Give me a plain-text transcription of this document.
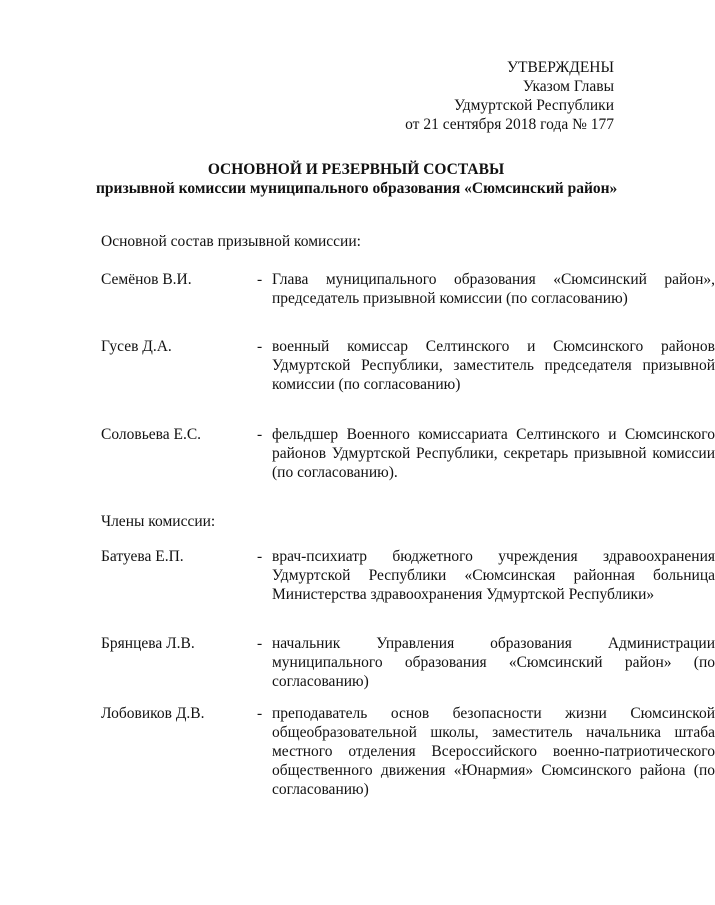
УТВЕРЖДЕНЫ
Указом Главы
Удмуртской Республики
от 21 сентября 2018 года № 177
ОСНОВНОЙ И РЕЗЕРВНЫЙ СОСТАВЫ
призывной комиссии муниципального образования «Сюмсинский район»
Основной состав призывной комиссии:
Семёнов В.И.	- Глава муниципального образования «Сюмсинский район», председатель призывной комиссии (по согласованию)
Гусев Д.А.	- военный комиссар Селтинского и Сюмсинского районов Удмуртской Республики, заместитель председателя призывной комиссии (по согласованию)
Соловьева Е.С.	- фельдшер Военного комиссариата Селтинского и Сюмсинского районов Удмуртской Республики, секретарь призывной комиссии (по согласованию).
Члены комиссии:
Батуева Е.П.	- врач-психиатр бюджетного учреждения здравоохранения Удмуртской Республики «Сюмсинская районная больница Министерства здравоохранения Удмуртской Республики»
Брянцева Л.В.	- начальник Управления образования Администрации муниципального образования «Сюмсинский район» (по согласованию)
Лобовиков Д.В.	- преподаватель основ безопасности жизни Сюмсинской общеобразовательной школы, заместитель начальника штаба местного отделения Всероссийского военно-патриотического общественного движения «Юнармия» Сюмсинского района (по согласованию)
